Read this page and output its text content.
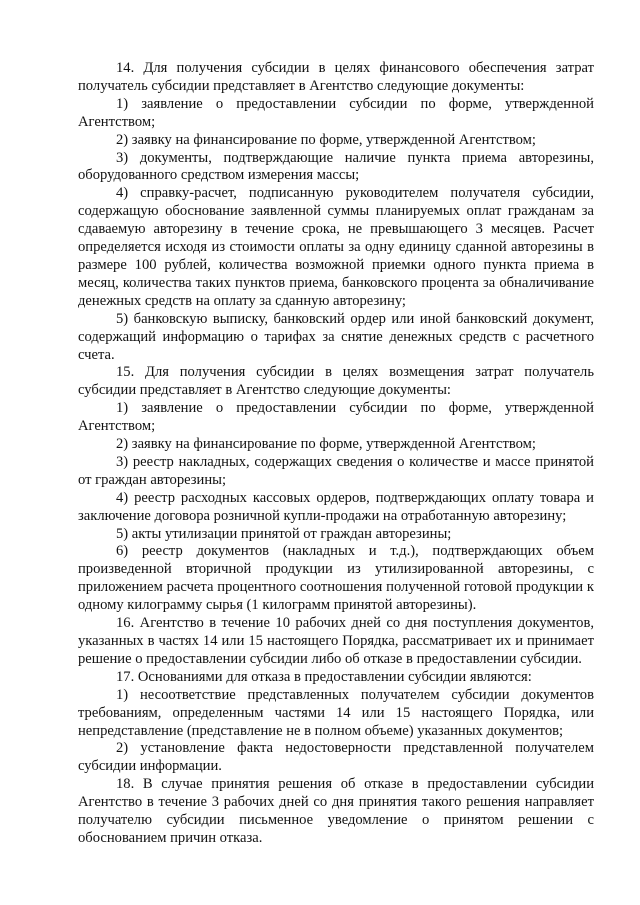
14. Для получения субсидии в целях финансового обеспечения затрат получатель субсидии представляет в Агентство следующие документы:

1) заявление о предоставлении субсидии по форме, утвержденной Агентством;

2) заявку на финансирование по форме, утвержденной Агентством;

3) документы, подтверждающие наличие пункта приема авторезины, оборудованного средством измерения массы;

4) справку-расчет, подписанную руководителем получателя субсидии, содержащую обоснование заявленной суммы планируемых оплат гражданам за сдаваемую авторезину в течение срока, не превышающего 3 месяцев. Расчет определяется исходя из стоимости оплаты за одну единицу сданной авторезины в размере 100 рублей, количества возможной приемки одного пункта приема в месяц, количества таких пунктов приема, банковского процента за обналичивание денежных средств на оплату за сданную авторезину;

5) банковскую выписку, банковский ордер или иной банковский документ, содержащий информацию о тарифах за снятие денежных средств с расчетного счета.

15. Для получения субсидии в целях возмещения затрат получатель субсидии представляет в Агентство следующие документы:

1) заявление о предоставлении субсидии по форме, утвержденной Агентством;

2) заявку на финансирование по форме, утвержденной Агентством;

3) реестр накладных, содержащих сведения о количестве и массе принятой от граждан авторезины;

4) реестр расходных кассовых ордеров, подтверждающих оплату товара и заключение договора розничной купли-продажи на отработанную авторезину;

5) акты утилизации принятой от граждан авторезины;

6) реестр документов (накладных и т.д.), подтверждающих объем произведенной вторичной продукции из утилизированной авторезины, с приложением расчета процентного соотношения полученной готовой продукции к одному килограмму сырья (1 килограмм принятой авторезины).

16. Агентство в течение 10 рабочих дней со дня поступления документов, указанных в частях 14 или 15 настоящего Порядка, рассматривает их и принимает решение о предоставлении субсидии либо об отказе в предоставлении субсидии.

17. Основаниями для отказа в предоставлении субсидии являются:

1) несоответствие представленных получателем субсидии документов требованиям, определенным частями 14 или 15 настоящего Порядка, или непредставление (представление не в полном объеме) указанных документов;

2) установление факта недостоверности представленной получателем субсидии информации.

18. В случае принятия решения об отказе в предоставлении субсидии Агентство в течение 3 рабочих дней со дня принятия такого решения направляет получателю субсидии письменное уведомление о принятом решении с обоснованием причин отказа.
